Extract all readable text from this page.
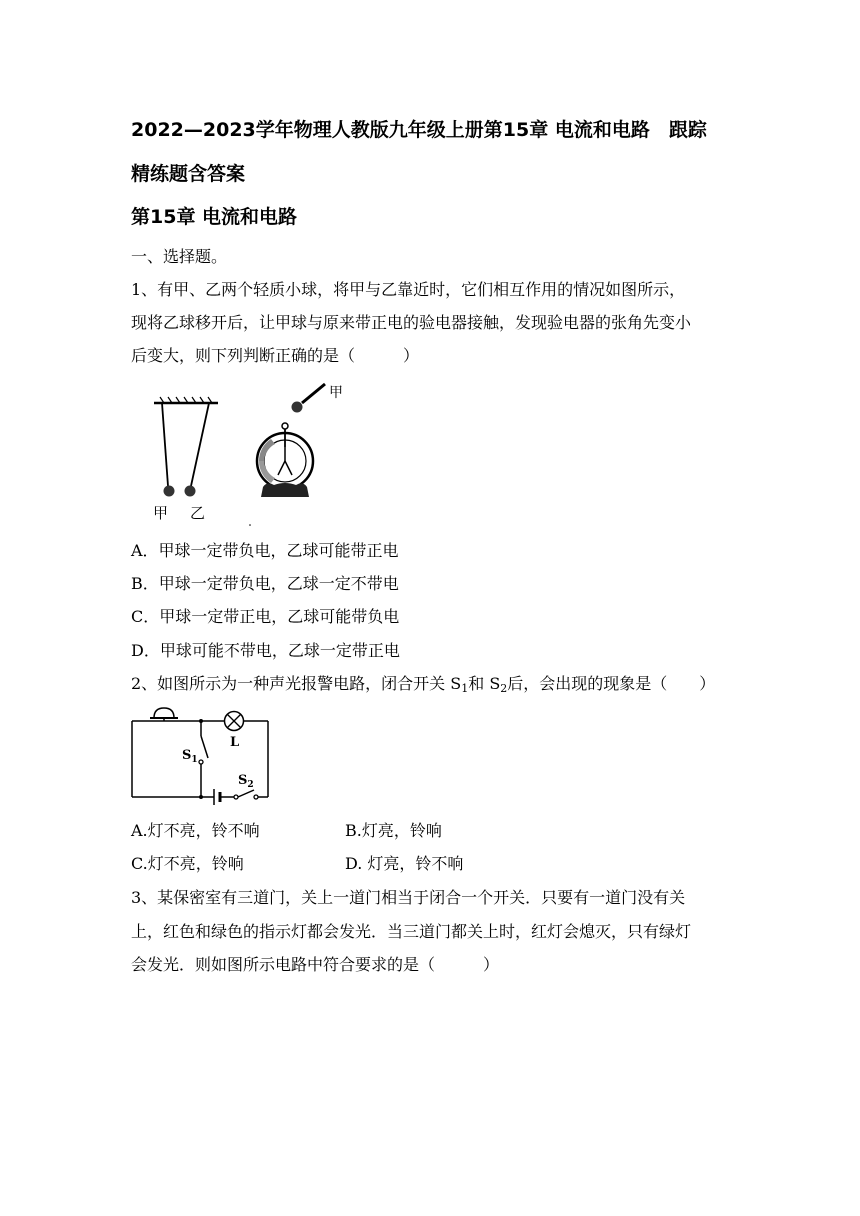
2022—2023学年物理人教版九年级上册第15章 电流和电路　跟踪
精练题含答案
第15章 电流和电路
一、选择题。
1、有甲、乙两个轻质小球，将甲与乙靠近时，它们相互作用的情况如图所示，
现将乙球移开后，让甲球与原来带正电的验电器接触，发现验电器的张角先变小
后变大，则下列判断正确的是（　　　）
甲 乙
甲
A．甲球一定带负电，乙球可能带正电
B．甲球一定带负电，乙球一定不带电
C．甲球一定带正电，乙球可能带负电
D．甲球可能不带电，乙球一定带正电
2、如图所示为一种声光报警电路，闭合开关 $S_1$和 $S_2$后，会出现的现象是（　　）
L
$S_1$
$S_2$
A.灯不亮，铃不响	B.灯亮，铃响
C.灯不亮，铃响	D. 灯亮，铃不响
3、某保密室有三道门，关上一道门相当于闭合一个开关．只要有一道门没有关
上，红色和绿色的指示灯都会发光．当三道门都关上时，红灯会熄灭，只有绿灯
会发光．则如图所示电路中符合要求的是（　　　）
